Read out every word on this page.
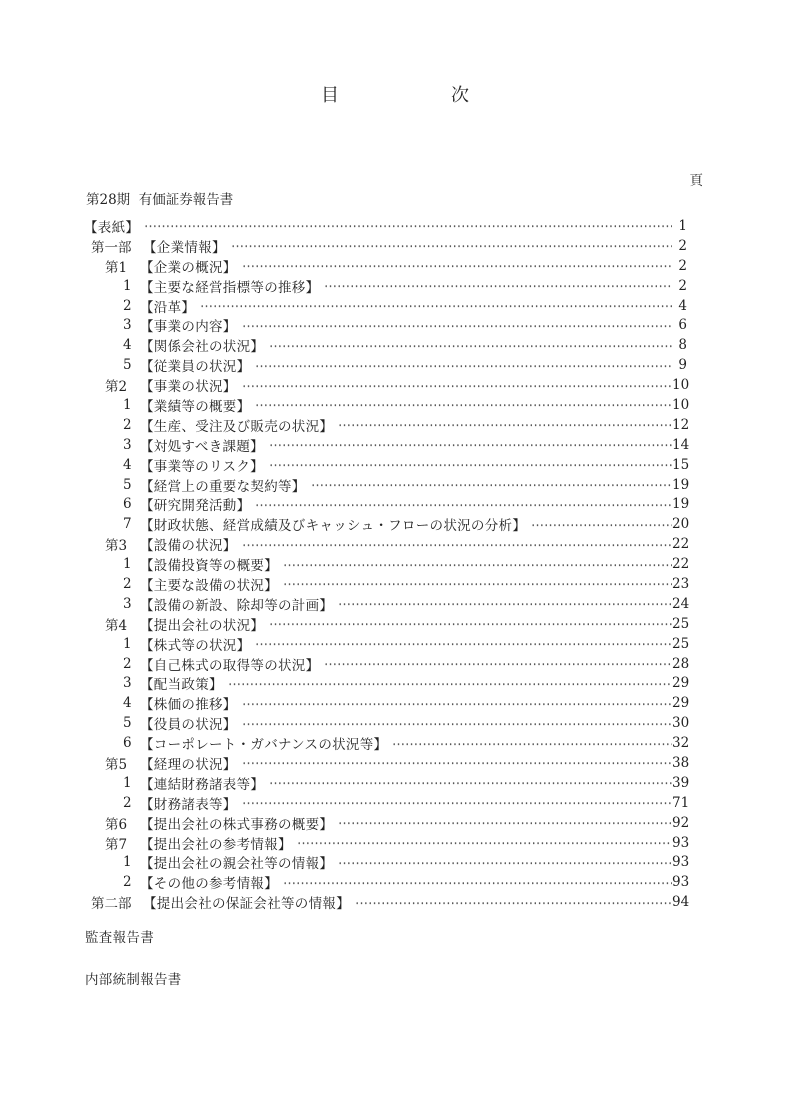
目	次
頁
第28期  有価証券報告書
【表紙】	1
第一部 【企業情報】	2
第1 【企業の概況】	2
1 【主要な経営指標等の推移】	2
2 【沿革】	4
3 【事業の内容】	6
4 【関係会社の状況】	8
5 【従業員の状況】	9
第2 【事業の状況】	10
1 【業績等の概要】	10
2 【生産、受注及び販売の状況】	12
3 【対処すべき課題】	14
4 【事業等のリスク】	15
5 【経営上の重要な契約等】	19
6 【研究開発活動】	19
7 【財政状態、経営成績及びキャッシュ・フローの状況の分析】	20
第3 【設備の状況】	22
1 【設備投資等の概要】	22
2 【主要な設備の状況】	23
3 【設備の新設、除却等の計画】	24
第4 【提出会社の状況】	25
1 【株式等の状況】	25
2 【自己株式の取得等の状況】	28
3 【配当政策】	29
4 【株価の推移】	29
5 【役員の状況】	30
6 【コーポレート・ガバナンスの状況等】	32
第5 【経理の状況】	38
1 【連結財務諸表等】	39
2 【財務諸表等】	71
第6 【提出会社の株式事務の概要】	92
第7 【提出会社の参考情報】	93
1 【提出会社の親会社等の情報】	93
2 【その他の参考情報】	93
第二部 【提出会社の保証会社等の情報】	94
監査報告書
内部統制報告書
